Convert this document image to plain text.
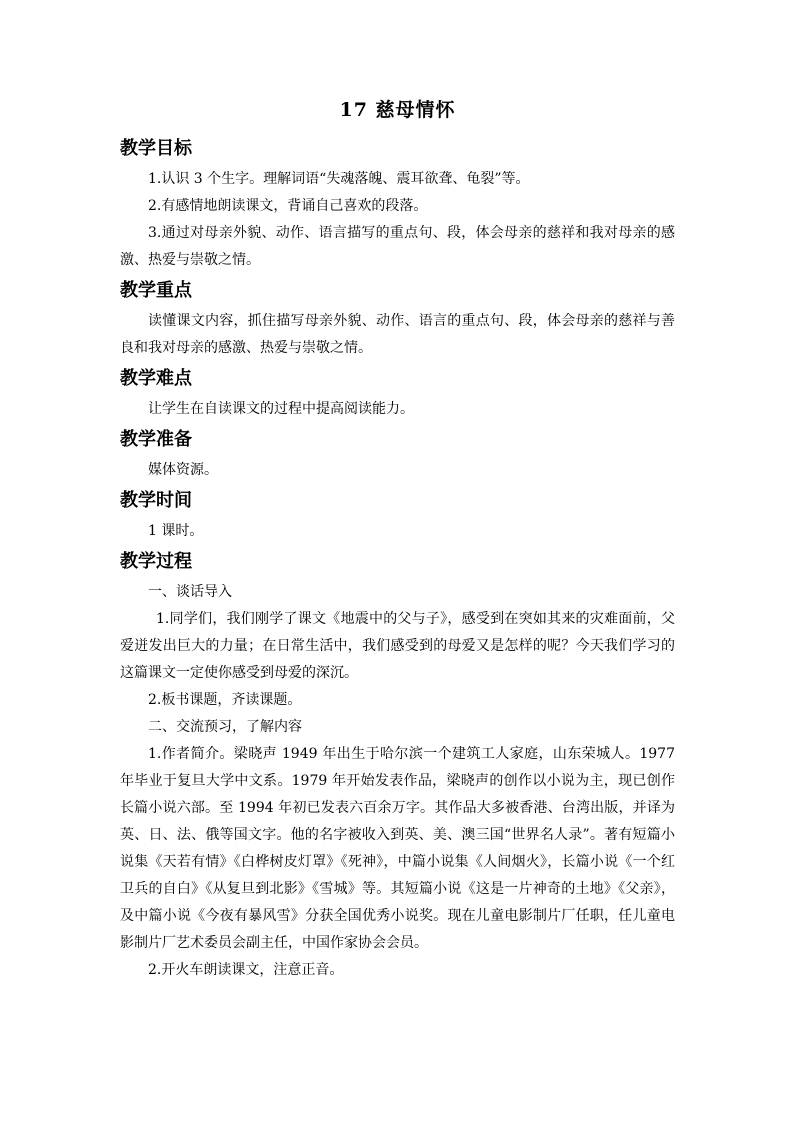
17 慈母情怀
教学目标

1.认识 3 个生字。理解词语“失魂落魄、震耳欲聋、龟裂”等。

2.有感情地朗读课文，背诵自己喜欢的段落。

3.通过对母亲外貌、动作、语言描写的重点句、段，体会母亲的慈祥和我对母亲的感激、热爱与崇敬之情。

教学重点

读懂课文内容，抓住描写母亲外貌、动作、语言的重点句、段，体会母亲的慈祥与善良和我对母亲的感激、热爱与崇敬之情。

教学难点

让学生在自读课文的过程中提高阅读能力。

教学准备

媒体资源。

教学时间

1 课时。

教学过程

一、谈话导入

1.同学们，我们刚学了课文《地震中的父与子》，感受到在突如其来的灾难面前，父爱迸发出巨大的力量；在日常生活中，我们感受到的母爱又是怎样的呢？今天我们学习的这篇课文一定使你感受到母爱的深沉。

2.板书课题，齐读课题。

二、交流预习，了解内容

1.作者简介。梁晓声 1949 年出生于哈尔滨一个建筑工人家庭，山东荣城人。1977 年毕业于复旦大学中文系。1979 年开始发表作品，梁晓声的创作以小说为主，现已创作长篇小说六部。至 1994 年初已发表六百余万字。其作品大多被香港、台湾出版，并译为英、日、法、俄等国文字。他的名字被收入到英、美、澳三国“世界名人录”。著有短篇小说集《天若有情》《白桦树皮灯罩》《死神》，中篇小说集《人间烟火》，长篇小说《一个红卫兵的自白》《从复旦到北影》《雪城》等。其短篇小说《这是一片神奇的土地》《父亲》，及中篇小说《今夜有暴风雪》分获全国优秀小说奖。现在儿童电影制片厂任职，任儿童电影制片厂艺术委员会副主任，中国作家协会会员。

2.开火车朗读课文，注意正音。
